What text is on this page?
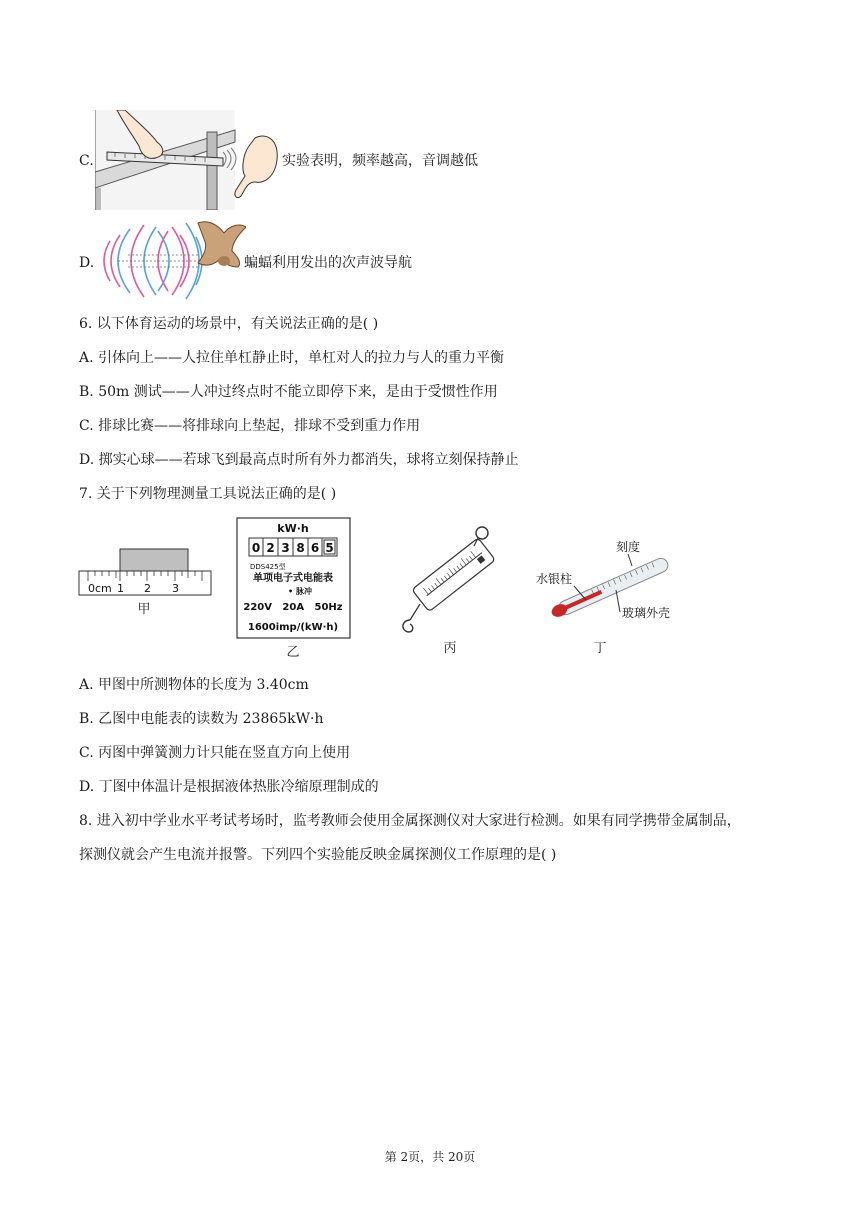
C.	实验表明，频率越高，音调越低
D.	蝙蝠利用发出的次声波导航
6. 以下体育运动的场景中，有关说法正确的是( )
A. 引体向上——人拉住单杠静止时，单杠对人的拉力与人的重力平衡
B. 50m 测试——人冲过终点时不能立即停下来，是由于受惯性作用
C. 排球比赛——将排球向上垫起，排球不受到重力作用
D. 掷实心球——若球飞到最高点时所有外力都消失，球将立刻保持静止
7. 关于下列物理测量工具说法正确的是( )
0cm 1 2 3
甲
kW·h
0 2 3 8 6 5
DDS425型
单项电子式电能表
• 脉冲
220V   20A   50Hz
1600imp/(kW·h)
乙	丙
刻度
水银柱
玻璃外壳
丁
A. 甲图中所测物体的长度为 3.40cm
B. 乙图中电能表的读数为 23865kW·h
C. 丙图中弹簧测力计只能在竖直方向上使用
D. 丁图中体温计是根据液体热胀冷缩原理制成的
8. 进入初中学业水平考试考场时，监考教师会使用金属探测仪对大家进行检测。如果有同学携带金属制品，
探测仪就会产生电流并报警。下列四个实验能反映金属探测仪工作原理的是( )
第 2页，共 20页
